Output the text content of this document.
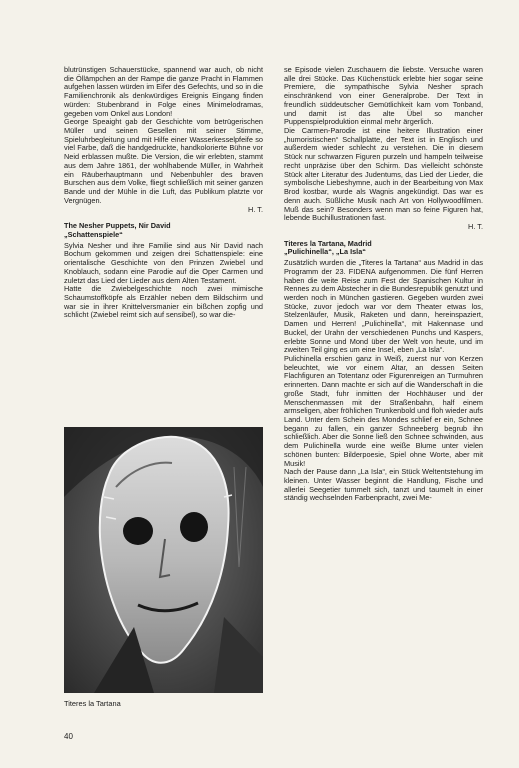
blutrünstigen Schauerstücke, spannend war auch, ob nicht die Öllämpchen an der Rampe die ganze Pracht in Flammen aufgehen lassen würden im Eifer des Gefechts, und so in die Familienchronik als denkwürdiges Ereignis Eingang finden würden: Stubenbrand in Folge eines Minimelodramas, gegeben vom Onkel aus London!

George Speaight gab der Geschichte vom betrügerischen Müller und seinen Gesellen mit seiner Stimme, Spieluhrbegleitung und mit Hilfe einer Wasserkesselpfeife so viel Farbe, daß die handgedruckte, handkolorierte Bühne vor Neid erblassen mußte. Die Version, die wir erlebten, stammt aus dem Jahre 1861, der wohlhabende Müller, in Wahrheit ein Räuberhauptmann und Nebenbuhler des braven Burschen aus dem Volke, fliegt schließlich mit seiner ganzen Bande und der Mühle in die Luft, das Publikum platzte vor Vergnügen.

H. T.

The Nesher Puppets, Nir David
„Schattenspiele“

Sylvia Nesher und ihre Familie sind aus Nir David nach Bochum gekommen und zeigen drei Schattenspiele: eine orientalische Geschichte von den Prinzen Zwiebel und Knoblauch, sodann eine Parodie auf die Oper Carmen und zuletzt das Lied der Lieder aus dem Alten Testament.

Hatte die Zwiebelgeschichte noch zwei mimische Schaumstoffköpfe als Erzähler neben dem Bildschirm und war sie in ihrer Knittelversmanier ein bißchen zopfig und schlicht (Zwiebel reimt sich auf sensibel), so war die-

Titeres la Tartana

se Episode vielen Zuschauern die liebste. Versuche waren alle drei Stücke. Das Küchenstück erlebte hier sogar seine Premiere, die sympathische Sylvia Nesher sprach einschränkend von einer Generalprobe. Der Text in freundlich süddeutscher Gemütlichkeit kam vom Tonband, und damit ist das alte Übel so mancher Puppenspielproduktion einmal mehr ärgerlich.

Die Carmen-Parodie ist eine heitere Illustration einer „humoristischen“ Schallplatte, der Text ist in Englisch und außerdem wieder schlecht zu verstehen. Die in diesem Stück nur schwarzen Figuren purzeln und hampeln teilweise recht unpräzise über den Schirm. Das vielleicht schönste Stück alter Literatur des Judentums, das Lied der Lieder, die symbolische Liebeshymne, auch in der Bearbeitung von Max Brod kostbar, wurde als Wagnis angekündigt. Das war es denn auch. Süßliche Musik nach Art von Hollywoodfilmen. Muß das sein? Besonders wenn man so feine Figuren hat, lebende Buchillustrationen fast.

H. T.

Titeres la Tartana, Madrid
„Pulichinella“, „La Isla“

Zusätzlich wurden die „Titeres la Tartana“ aus Madrid in das Programm der 23. FIDENA aufgenommen. Die fünf Herren haben die weite Reise zum Fest der Spanischen Kultur in Rennes zu dem Abstecher in die Bundesrepublik genutzt und werden noch in München gastieren. Gegeben wurden zwei Stücke, zuvor jedoch war vor dem Theater etwas los, Stelzenläufer, Musik, Raketen und dann, hereinspaziert, Damen und Herren! „Pulichinella“, mit Hakennase und Buckel, der Urahn der verschiedenen Punchs und Kaspers, erlebte Sonne und Mond über der Welt von heute, und im zweiten Teil ging es um eine Insel, eben „La Isla“.

Pulichinella erschien ganz in Weiß, zuerst nur von Kerzen beleuchtet, wie vor einem Altar, an dessen Seiten Flachfiguren an Totentanz oder Figurenreigen an Turmuhren erinnerten. Dann machte er sich auf die Wanderschaft in die große Stadt, fuhr inmitten der Hochhäuser und der Menschenmassen mit der Straßenbahn, half einem armseligen, aber fröhlichen Trunkenbold und floh wieder aufs Land. Unter dem Schein des Mondes schlief er ein, Schnee begann zu fallen, ein ganzer Schneeberg begrub ihn schließlich. Aber die Sonne ließ den Schnee schwinden, aus dem Pulichinella wurde eine weiße Blume unter vielen schönen bunten: Bilderpoesie, Spiel ohne Worte, aber mit Musik!

Nach der Pause dann „La Isla“, ein Stück Weltentstehung im kleinen. Unter Wasser beginnt die Handlung, Fische und allerlei Seegetier tummelt sich, tanzt und taumelt in einer ständig wechselnden Farbenpracht, zwei Me-

40
